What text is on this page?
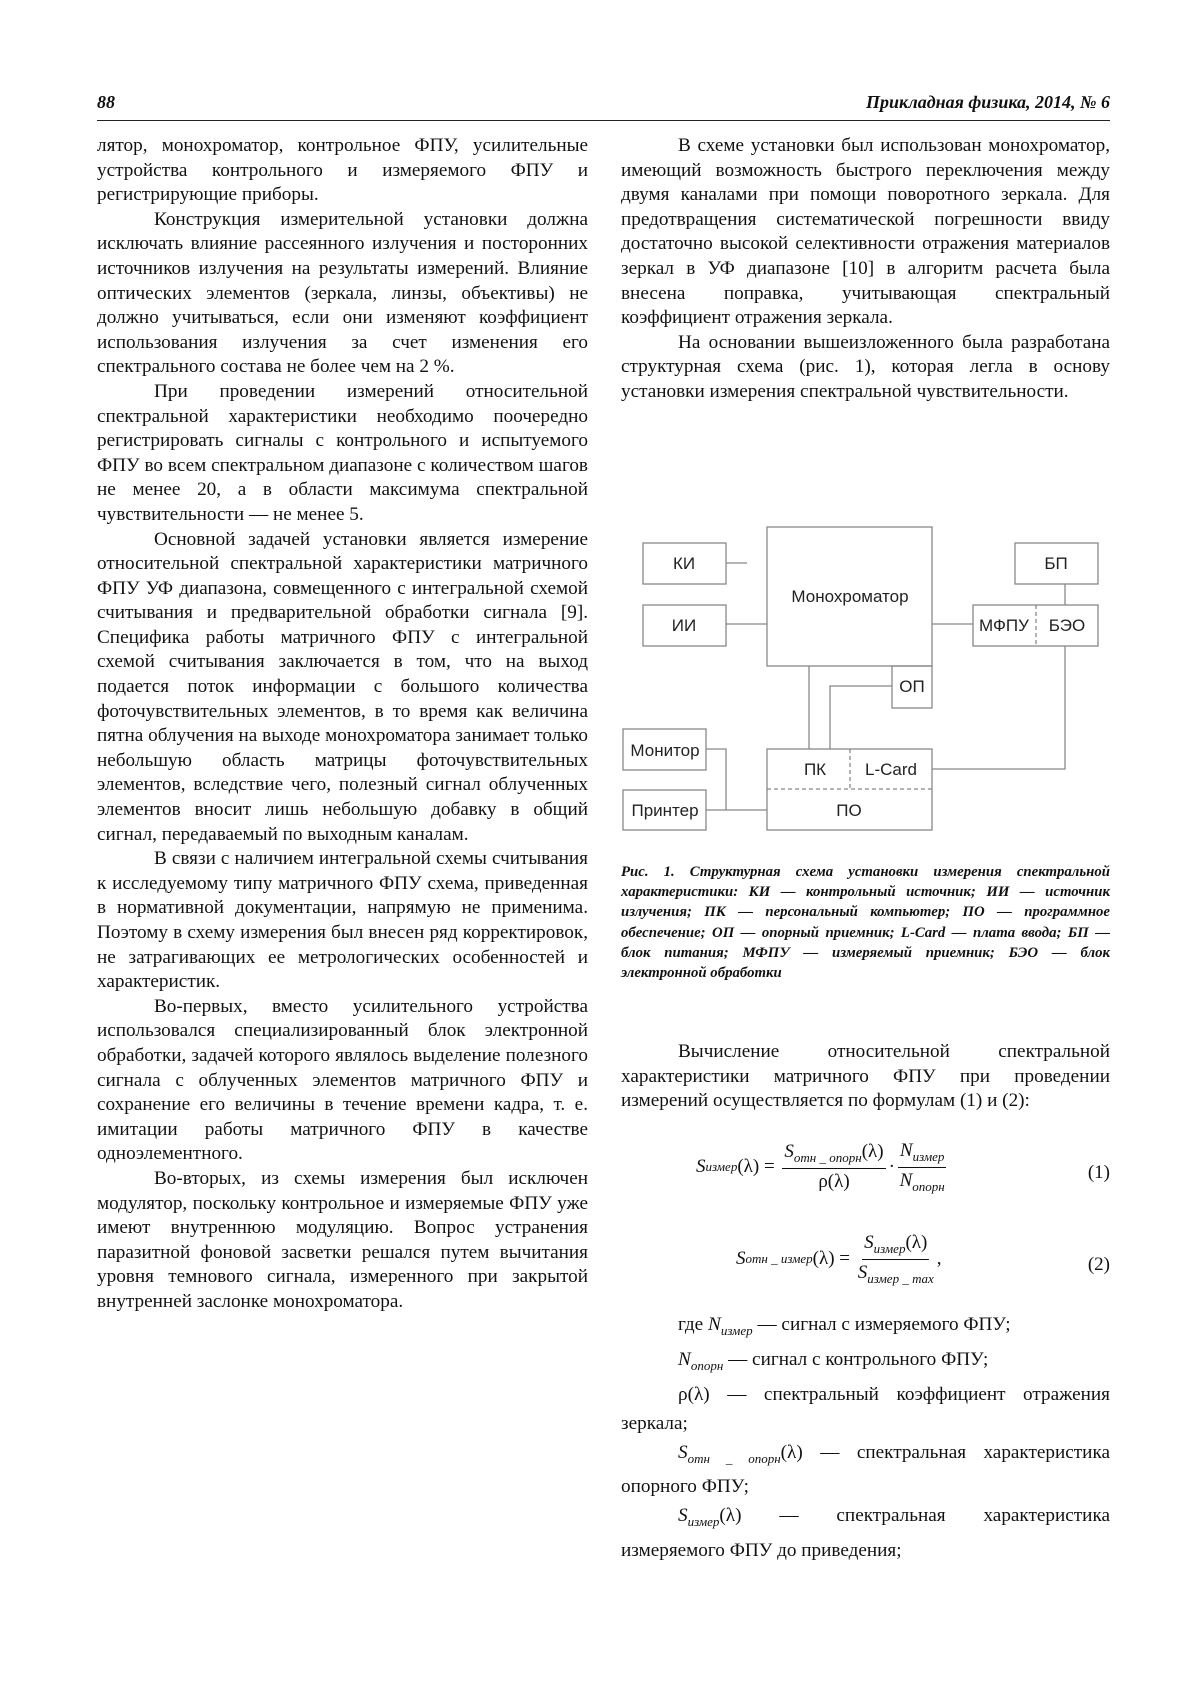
88	Прикладная физика, 2014, № 6

лятор, монохроматор, контрольное ФПУ, усилительные устройства контрольного и измеряемого ФПУ и регистрирующие приборы.

Конструкция измерительной установки должна исключать влияние рассеянного излучения и посторонних источников излучения на результаты измерений. Влияние оптических элементов (зеркала, линзы, объективы) не должно учитываться, если они изменяют коэффициент использования излучения за счет изменения его спектрального состава не более чем на 2 %.

При проведении измерений относительной спектральной характеристики необходимо поочередно регистрировать сигналы с контрольного и испытуемого ФПУ во всем спектральном диапазоне с количеством шагов не менее 20, а в области максимума спектральной чувствительности — не менее 5.

Основной задачей установки является измерение относительной спектральной характеристики матричного ФПУ УФ диапазона, совмещенного с интегральной схемой считывания и предварительной обработки сигнала [9]. Специфика работы матричного ФПУ с интегральной схемой считывания заключается в том, что на выход подается поток информации с большого количества фоточувствительных элементов, в то время как величина пятна облучения на выходе монохроматора занимает только небольшую область матрицы фоточувствительных элементов, вследствие чего, полезный сигнал облученных элементов вносит лишь небольшую добавку в общий сигнал, передаваемый по выходным каналам.

В связи с наличием интегральной схемы считывания к исследуемому типу матричного ФПУ схема, приведенная в нормативной документации, напрямую не применима. Поэтому в схему измерения был внесен ряд корректировок, не затрагивающих ее метрологических особенностей и характеристик.

Во-первых, вместо усилительного устройства использовался специализированный блок электронной обработки, задачей которого являлось выделение полезного сигнала с облученных элементов матричного ФПУ и сохранение его величины в течение времени кадра, т. е. имитации работы матричного ФПУ в качестве одноэлементного.

Во-вторых, из схемы измерения был исключен модулятор, поскольку контрольное и измеряемые ФПУ уже имеют внутреннюю модуляцию. Вопрос устранения паразитной фоновой засветки решался путем вычитания уровня темнового сигнала, измеренного при закрытой внутренней заслонке монохроматора.

В схеме установки был использован монохроматор, имеющий возможность быстрого переключения между двумя каналами при помощи поворотного зеркала. Для предотвращения систематической погрешности ввиду достаточно высокой селективности отражения материалов зеркал в УФ диапазоне [10] в алгоритм расчета была внесена поправка, учитывающая спектральный коэффициент отражения зеркала.

На основании вышеизложенного была разработана структурная схема (рис. 1), которая легла в основу установки измерения спектральной чувствительности.

КИ
ИИ
Монохроматор
БП
МФПУ БЭО
ОП
Монитор
Принтер
ПК L-Card
ПО
Рис. 1. Структурная схема установки измерения спектральной характеристики: КИ — контрольный источник; ИИ — источник излучения; ПК — персональный компьютер; ПО — программное обеспечение; ОП — опорный приемник; L-Card — плата ввода; БП — блок питания; МФПУ — измеряемый приемник; БЭО — блок электронной обработки

Вычисление относительной спектральной характеристики матричного ФПУ при проведении измерений осуществляется по формулам (1) и (2):

S измер (λ) =
$S_{отн \_ опорн}(\lambda)$
ρ(λ)
·
$N_{измер}$
$N_{опорн}$
(1)
S отн _ измер (λ) =
$S_{измер}(\lambda)$
$S_{измер \_ max}$
,	(2)

где $N_{измер}$ — сигнал с измеряемого ФПУ;

$N_{опорн}$ — сигнал с контрольного ФПУ;

ρ(λ) — спектральный коэффициент отражения зеркала;

$S_{отн \_ опорн}(\lambda)$ — спектральная характеристика опорного ФПУ;

$S_{измер}(\lambda)$ — спектральная характеристика измеряемого ФПУ до приведения;
